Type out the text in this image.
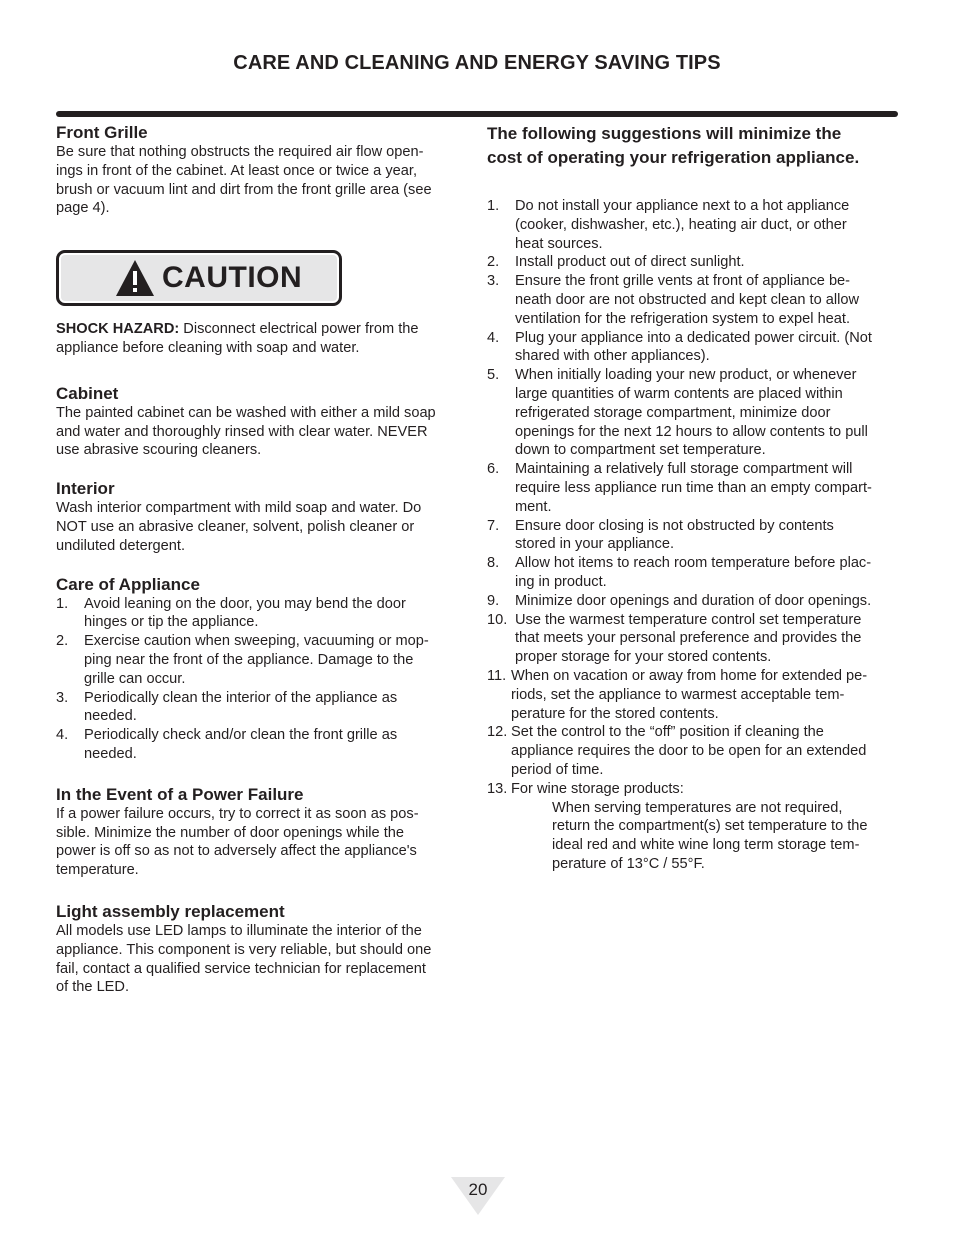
CARE AND CLEANING AND ENERGY SAVING TIPS
Front Grille

Be sure that nothing obstructs the required air flow open-
ings in front of the cabinet. At least once or twice a year,
brush or vacuum lint and dirt from the front grille area (see
page 4).

CAUTION

SHOCK HAZARD: Disconnect electrical power from the
appliance before cleaning with soap and water.

Cabinet

The painted cabinet can be washed with either a mild soap
and water and thoroughly rinsed with clear water. NEVER
use abrasive scouring cleaners.

Interior

Wash interior compartment with mild soap and water. Do
NOT use an abrasive cleaner, solvent, polish cleaner or
undiluted detergent.

Care of Appliance
1.	Avoid leaning on the door, you may bend the door
hinges or tip the appliance.
2.	Exercise caution when sweeping, vacuuming or mop-
ping near the front of the appliance. Damage to the
grille can occur.
3.	Periodically clean the interior of the appliance as
needed.
4.	Periodically check and/or clean the front grille as
needed.
In the Event of a Power Failure

If a power failure occurs, try to correct it as soon as pos-
sible. Minimize the number of door openings while the
power is off so as not to adversely affect the appliance's
temperature.

Light assembly replacement

All models use LED lamps to illuminate the interior of the
appliance. This component is very reliable, but should one
fail, contact a qualified service technician for replacement
of the LED.

The following suggestions will minimize the
cost of operating your refrigeration appliance.
1.	Do not install your appliance next to a hot appliance
(cooker, dishwasher, etc.), heating air duct, or other
heat sources.
2.	Install product out of direct sunlight.
3.	Ensure the front grille vents at front of appliance be-
neath door are not obstructed and kept clean to allow
ventilation for the refrigeration system to expel heat.
4.	Plug your appliance into a dedicated power circuit. (Not
shared with other appliances).
5.	When initially loading your new product, or whenever
large quantities of warm contents are placed within
refrigerated storage compartment, minimize door
openings for the next 12 hours to allow contents to pull
down to compartment set temperature.
6.	Maintaining a relatively full storage compartment will
require less appliance run time than an empty compart-
ment.
7.	Ensure door closing is not obstructed by contents
stored in your appliance.
8.	Allow hot items to reach room temperature before plac-
ing in product.
9.	Minimize door openings and duration of door openings.
10. Use the warmest temperature control set temperature
that meets your personal preference and provides the
proper storage for your stored contents.
11. When on vacation or away from home for extended pe-
riods, set the appliance to warmest acceptable tem-
perature for the stored contents.
12. Set the control to the “off” position if cleaning the
appliance requires the door to be open for an extended
period of time.
13. For wine storage products:

When serving temperatures are not required,
return the compartment(s) set temperature to the
ideal red and white wine long term storage tem-
perature of 13°C / 55°F.

20
